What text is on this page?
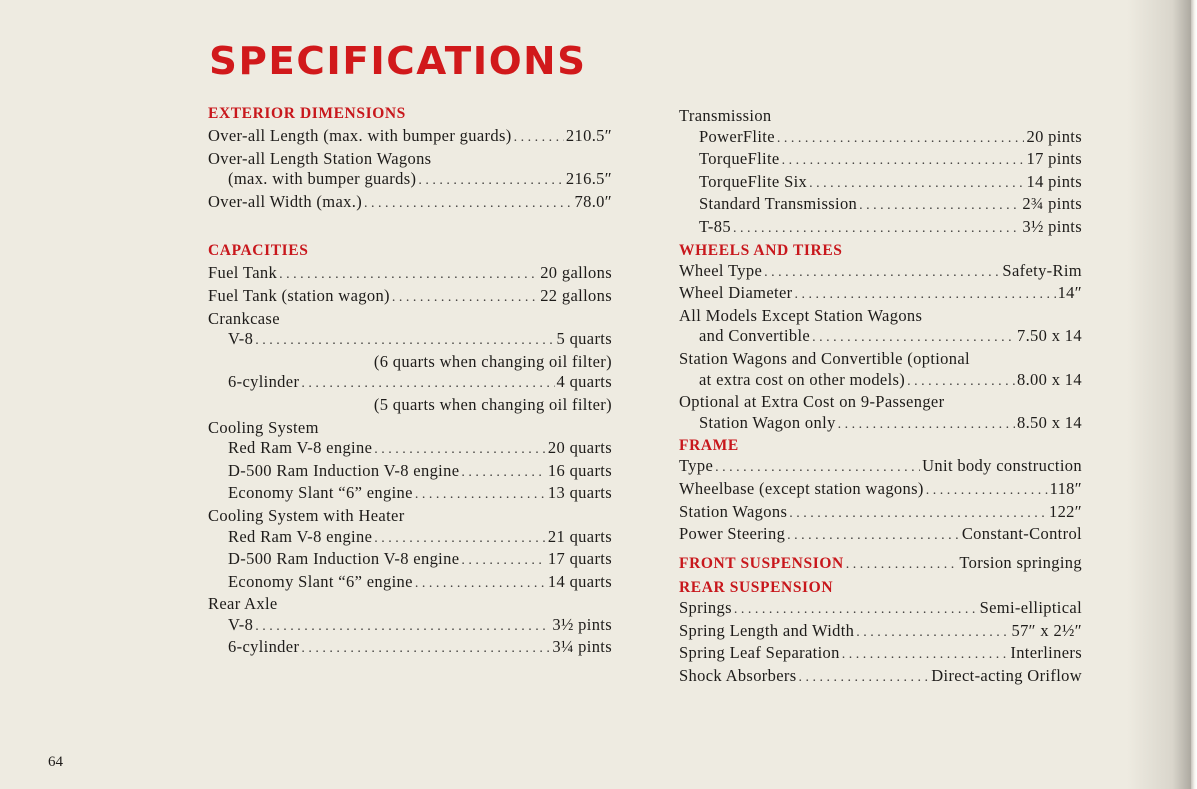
SPECIFICATIONS
EXTERIOR DIMENSIONS
Over-all Length (max. with bumper guards) . . .	210.5″
Over-all Length Station Wagons
(max. with bumper guards) . . .	216.5″
Over-all Width (max.) . . .	78.0″
CAPACITIES
Fuel Tank . . .	20 gallons
Fuel Tank (station wagon) . . .	22 gallons
Crankcase
V-8 . . .	5 quarts
(6 quarts when changing oil filter)
6-cylinder . . .	4 quarts
(5 quarts when changing oil filter)
Cooling System
Red Ram V-8 engine . . .	20 quarts
D-500 Ram Induction V-8 engine . . .	16 quarts
Economy Slant “6” engine . . .	13 quarts
Cooling System with Heater
Red Ram V-8 engine . . .	21 quarts
D-500 Ram Induction V-8 engine . . .	17 quarts
Economy Slant “6” engine . . .	14 quarts
Rear Axle
V-8 . . .	3½ pints
6-cylinder . . .	3¼ pints
Transmission
PowerFlite . . .	20 pints
TorqueFlite . . .	17 pints
TorqueFlite Six . . .	14 pints
Standard Transmission . . .	2¾ pints
T-85 . . .	3½ pints
WHEELS AND TIRES
Wheel Type . . .	Safety-Rim
Wheel Diameter . . .	14″
All Models Except Station Wagons
and Convertible . . .	7.50 x 14
Station Wagons and Convertible (optional
at extra cost on other models) . . .	8.00 x 14
Optional at Extra Cost on 9-Passenger
Station Wagon only . . .	8.50 x 14
FRAME
Type . . .	Unit body construction
Wheelbase (except station wagons) . . .	118″
Station Wagons . . .	122″
Power Steering . . .	Constant-Control
FRONT SUSPENSION . . .	Torsion springing
REAR SUSPENSION
Springs . . .	Semi-elliptical
Spring Length and Width . . .	57″ x 2½″
Spring Leaf Separation . . .	Interliners
Shock Absorbers . . .	Direct-acting Oriflow
64
